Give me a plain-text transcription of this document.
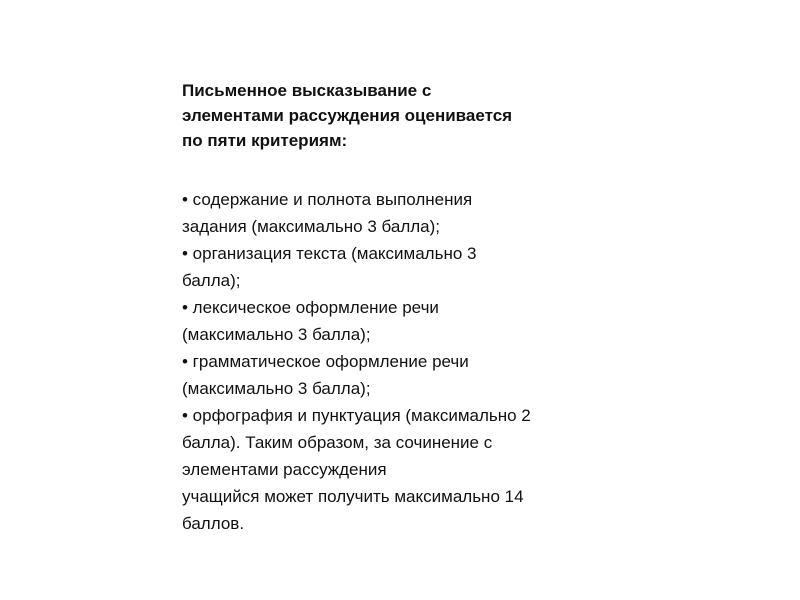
Письменное высказывание с
элементами рассуждения оценивается
по пяти критериям:

• содержание и полнота выполнения
задания (максимально 3 балла);
• организация текста (максимально 3
балла);
• лексическое оформление речи
(максимально 3 балла);
• грамматическое оформление речи
(максимально 3 балла);
• орфография и пунктуация (максимально 2
балла). Таким образом, за сочинение с
элементами рассуждения
учащийся может получить максимально 14
баллов.
